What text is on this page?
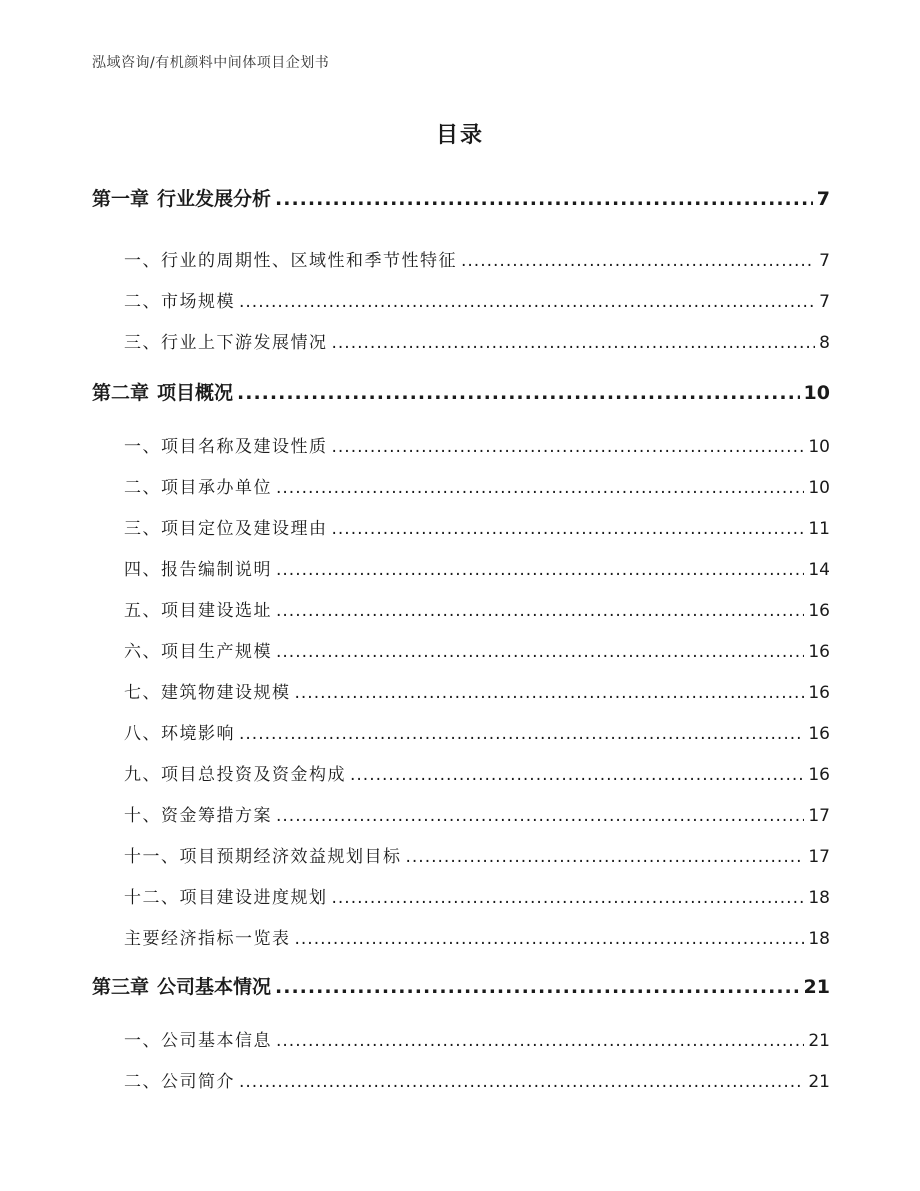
泓域咨询/有机颜料中间体项目企划书
目录
第一章 行业发展分析 .....	7
一、 行业的周期性、区域性和季节性特征 .....	7
二、 市场规模 .....	7
三、 行业上下游发展情况 .....	8
第二章 项目概况 .....	10
一、 项目名称及建设性质 .....	10
二、 项目承办单位 .....	10
三、 项目定位及建设理由 .....	11
四、 报告编制说明 .....	14
五、 项目建设选址 .....	16
六、 项目生产规模 .....	16
七、 建筑物建设规模 .....	16
八、 环境影响 .....	16
九、 项目总投资及资金构成 .....	16
十、 资金筹措方案 .....	17
十一、 项目预期经济效益规划目标 .....	17
十二、 项目建设进度规划 .....	18
主要经济指标一览表 .....	18
第三章 公司基本情况 .....	21
一、 公司基本信息 .....	21
二、 公司简介 .....	21
